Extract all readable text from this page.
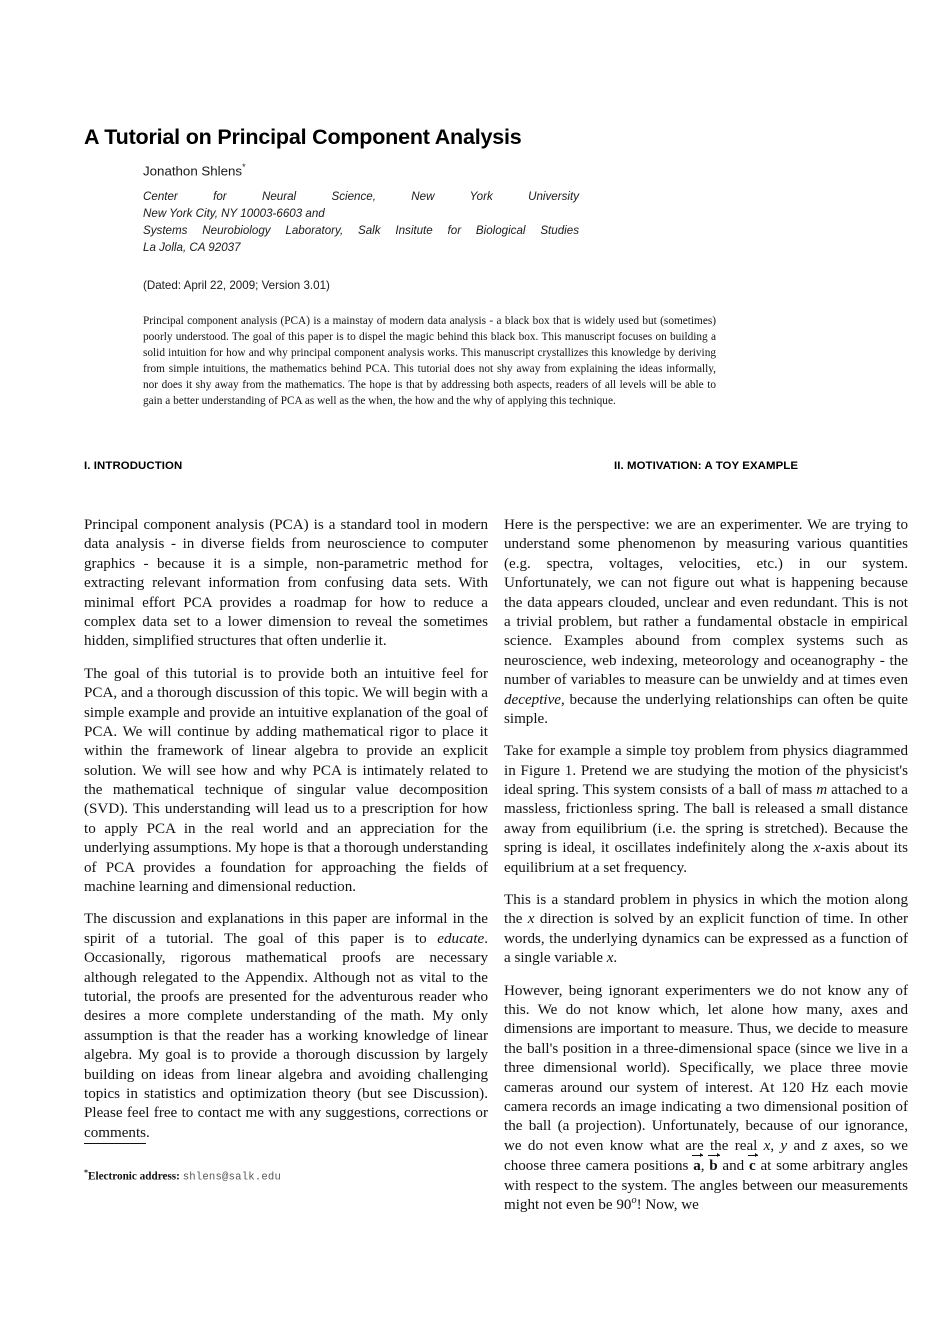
A Tutorial on Principal Component Analysis
Jonathon Shlens*
Center for Neural Science, New York University
New York City, NY 10003-6603 and
Systems Neurobiology Laboratory, Salk Insitute for Biological Studies
La Jolla, CA 92037
(Dated: April 22, 2009; Version 3.01)
Principal component analysis (PCA) is a mainstay of modern data analysis - a black box that is widely used but (sometimes) poorly understood. The goal of this paper is to dispel the magic behind this black box. This manuscript focuses on building a solid intuition for how and why principal component analysis works. This manuscript crystallizes this knowledge by deriving from simple intuitions, the mathematics behind PCA. This tutorial does not shy away from explaining the ideas informally, nor does it shy away from the mathematics. The hope is that by addressing both aspects, readers of all levels will be able to gain a better understanding of PCA as well as the when, the how and the why of applying this technique.
I. INTRODUCTION

Principal component analysis (PCA) is a standard tool in modern data analysis - in diverse fields from neuroscience to computer graphics - because it is a simple, non-parametric method for extracting relevant information from confusing data sets. With minimal effort PCA provides a roadmap for how to reduce a complex data set to a lower dimension to reveal the sometimes hidden, simplified structures that often underlie it.

The goal of this tutorial is to provide both an intuitive feel for PCA, and a thorough discussion of this topic. We will begin with a simple example and provide an intuitive explanation of the goal of PCA. We will continue by adding mathematical rigor to place it within the framework of linear algebra to provide an explicit solution. We will see how and why PCA is intimately related to the mathematical technique of singular value decomposition (SVD). This understanding will lead us to a prescription for how to apply PCA in the real world and an appreciation for the underlying assumptions. My hope is that a thorough understanding of PCA provides a foundation for approaching the fields of machine learning and dimensional reduction.

The discussion and explanations in this paper are informal in the spirit of a tutorial. The goal of this paper is to educate. Occasionally, rigorous mathematical proofs are necessary although relegated to the Appendix. Although not as vital to the tutorial, the proofs are presented for the adventurous reader who desires a more complete understanding of the math. My only assumption is that the reader has a working knowledge of linear algebra. My goal is to provide a thorough discussion by largely building on ideas from linear algebra and avoiding challenging topics in statistics and optimization theory (but see Discussion). Please feel free to contact me with any suggestions, corrections or comments.

II. MOTIVATION: A TOY EXAMPLE

Here is the perspective: we are an experimenter. We are trying to understand some phenomenon by measuring various quantities (e.g. spectra, voltages, velocities, etc.) in our system. Unfortunately, we can not figure out what is happening because the data appears clouded, unclear and even redundant. This is not a trivial problem, but rather a fundamental obstacle in empirical science. Examples abound from complex systems such as neuroscience, web indexing, meteorology and oceanography - the number of variables to measure can be unwieldy and at times even deceptive, because the underlying relationships can often be quite simple.

Take for example a simple toy problem from physics diagrammed in Figure 1. Pretend we are studying the motion of the physicist's ideal spring. This system consists of a ball of mass m attached to a massless, frictionless spring. The ball is released a small distance away from equilibrium (i.e. the spring is stretched). Because the spring is ideal, it oscillates indefinitely along the x-axis about its equilibrium at a set frequency.

This is a standard problem in physics in which the motion along the x direction is solved by an explicit function of time. In other words, the underlying dynamics can be expressed as a function of a single variable x.

However, being ignorant experimenters we do not know any of this. We do not know which, let alone how many, axes and dimensions are important to measure. Thus, we decide to measure the ball's position in a three-dimensional space (since we live in a three dimensional world). Specifically, we place three movie cameras around our system of interest. At 120 Hz each movie camera records an image indicating a two dimensional position of the ball (a projection). Unfortunately, because of our ignorance, we do not even know what are the real x, y and z axes, so we choose three camera positions a, b and c at some arbitrary angles with respect to the system. The angles between our measurements might not even be 90$^o$! Now, we

*Electronic address: shlens@salk.edu
